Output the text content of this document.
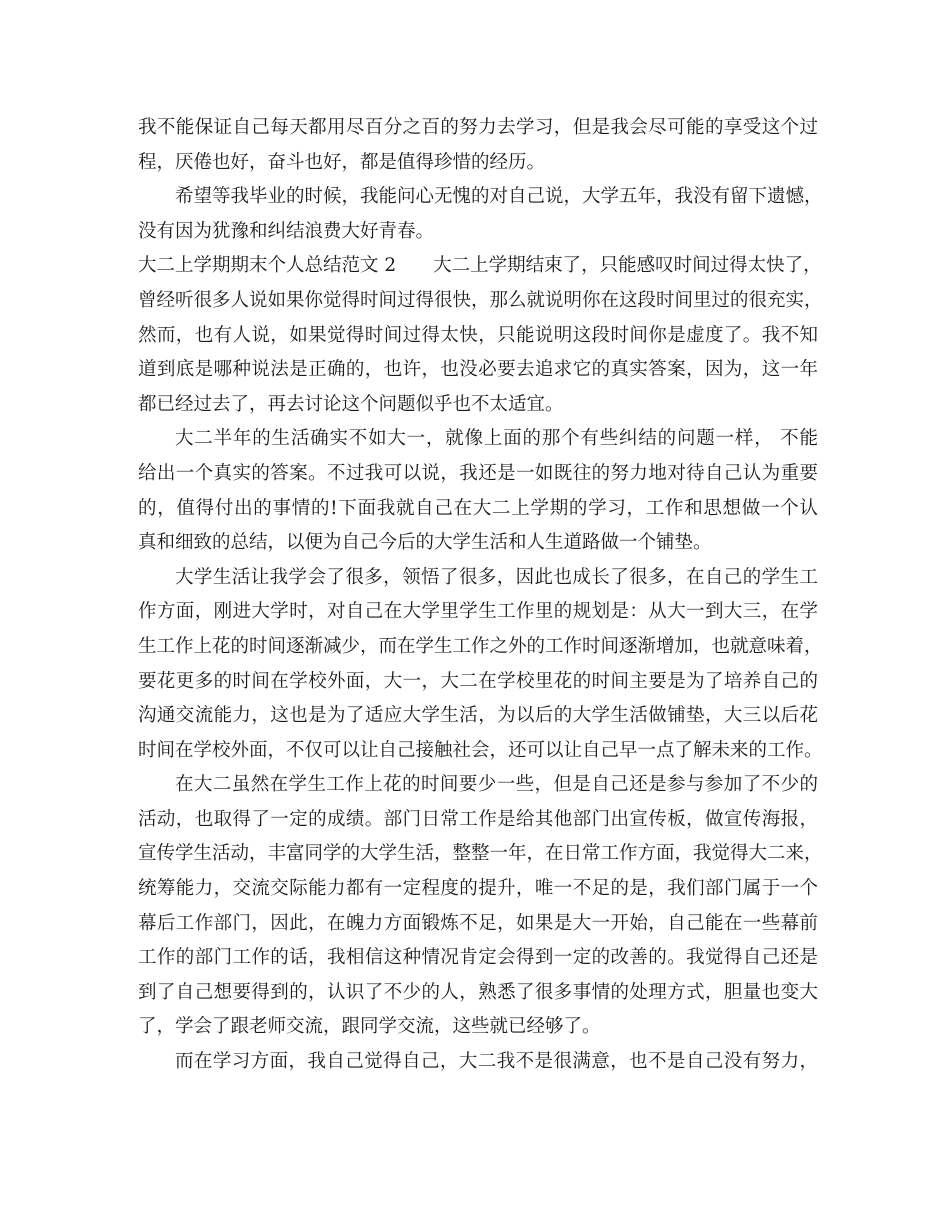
我不能保证自己每天都用尽百分之百的努力去学习，但是我会尽可能的享受这个过
程，厌倦也好，奋斗也好，都是值得珍惜的经历。
希望等我毕业的时候，我能问心无愧的对自己说，大学五年，我没有留下遗憾，
没有因为犹豫和纠结浪费大好青春。
大二上学期期末个人总结范文 2　　大二上学期结束了，只能感叹时间过得太快了，
曾经听很多人说如果你觉得时间过得很快，那么就说明你在这段时间里过的很充实，
然而，也有人说，如果觉得时间过得太快，只能说明这段时间你是虚度了。我不知
道到底是哪种说法是正确的，也许，也没必要去追求它的真实答案，因为，这一年
都已经过去了，再去讨论这个问题似乎也不太适宜。
大二半年的生活确实不如大一，就像上面的那个有些纠结的问题一样， 不能
给出一个真实的答案。不过我可以说，我还是一如既往的努力地对待自己认为重要
的，值得付出的事情的!下面我就自己在大二上学期的学习，工作和思想做一个认
真和细致的总结，以便为自己今后的大学生活和人生道路做一个铺垫。
大学生活让我学会了很多，领悟了很多，因此也成长了很多，在自己的学生工
作方面，刚进大学时，对自己在大学里学生工作里的规划是：从大一到大三，在学
生工作上花的时间逐渐减少，而在学生工作之外的工作时间逐渐增加，也就意味着，
要花更多的时间在学校外面，大一，大二在学校里花的时间主要是为了培养自己的
沟通交流能力，这也是为了适应大学生活，为以后的大学生活做铺垫，大三以后花
时间在学校外面，不仅可以让自己接触社会，还可以让自己早一点了解未来的工作。
在大二虽然在学生工作上花的时间要少一些，但是自己还是参与参加了不少的
活动，也取得了一定的成绩。部门日常工作是给其他部门出宣传板，做宣传海报，
宣传学生活动，丰富同学的大学生活，整整一年，在日常工作方面，我觉得大二来，
统筹能力，交流交际能力都有一定程度的提升，唯一不足的是，我们部门属于一个
幕后工作部门，因此，在魄力方面锻炼不足，如果是大一开始，自己能在一些幕前
工作的部门工作的话，我相信这种情况肯定会得到一定的改善的。我觉得自己还是
到了自己想要得到的，认识了不少的人，熟悉了很多事情的处理方式，胆量也变大
了，学会了跟老师交流，跟同学交流，这些就已经够了。
而在学习方面，我自己觉得自己，大二我不是很满意，也不是自己没有努力，
